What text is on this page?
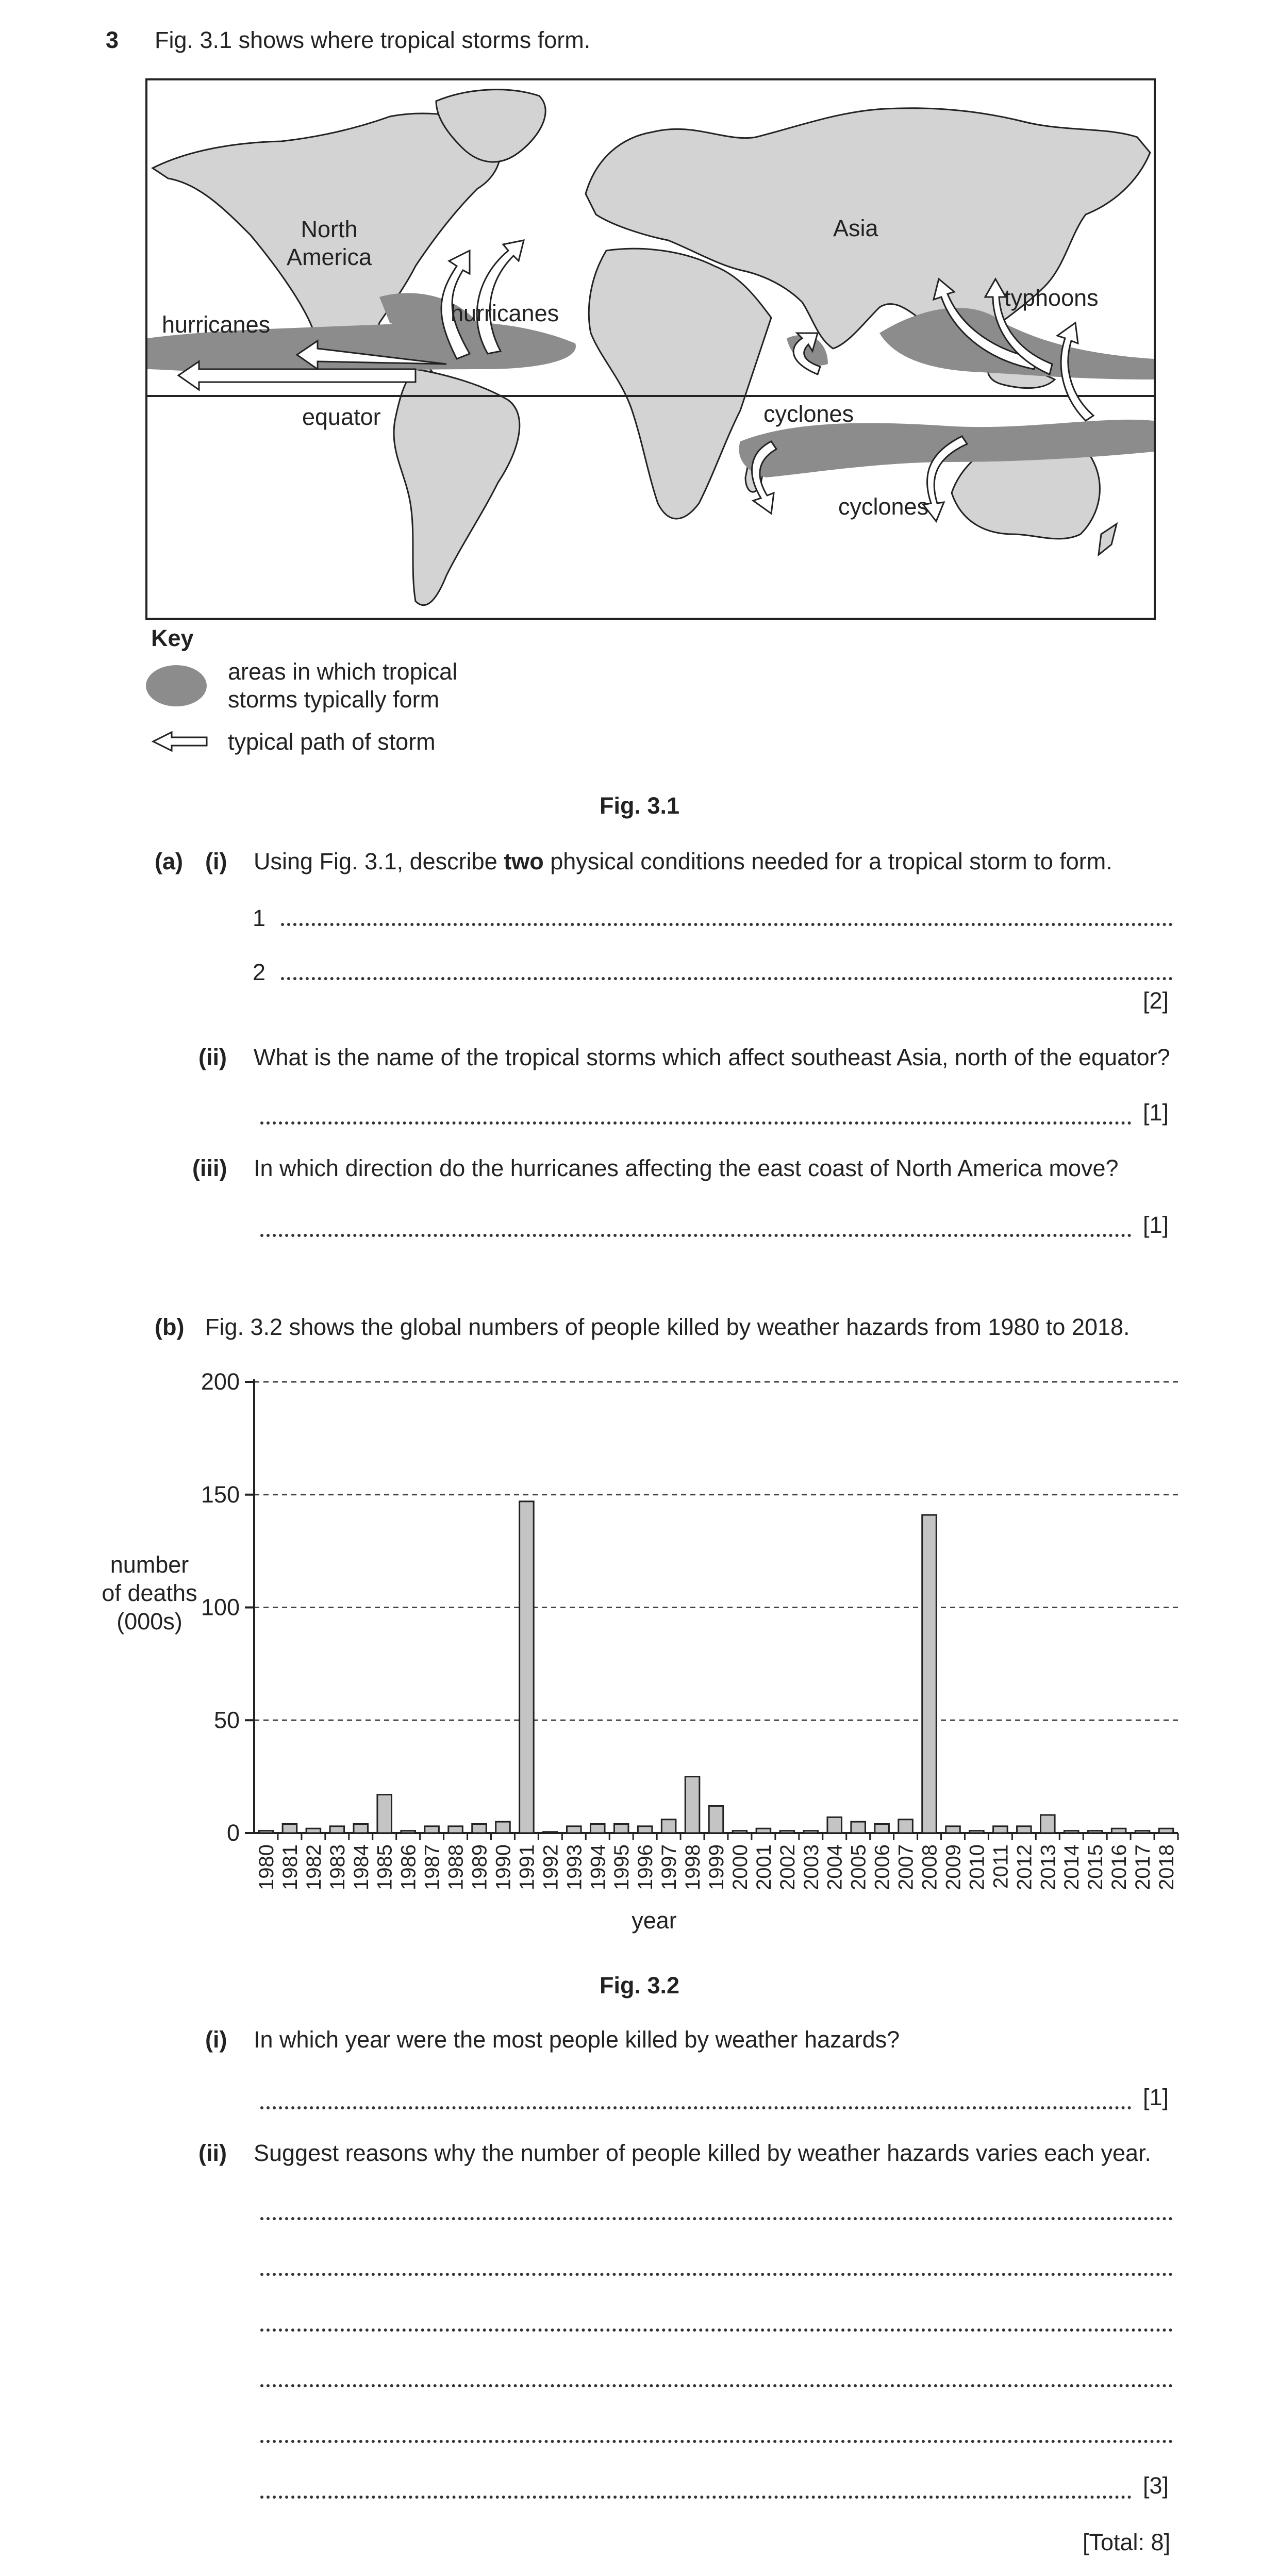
3 Fig. 3.1 shows where tropical storms form.
North
America
Asia
hurricanes	hurricanes
typhoons
equator	cyclones
cyclones
Key
areas in which tropical
storms typically form
typical path of storm
Fig. 3.1
(a) (i) Using Fig. 3.1, describe two physical conditions needed for a tropical storm to form.
1
2
[2]
(ii) What is the name of the tropical storms which affect southeast Asia, north of the equator?
[1]
(iii) In which direction do the hurricanes affecting the east coast of North America move?
[1]
(b) Fig. 3.2 shows the global numbers of people killed by weather hazards from 1980 to 2018.
0
50
100
150
200
1980 1981 1982 1983 1984 1985 1986 1987 1988 1989 1990 1991 1992 1993 1994 1995 1996 1997 1998 1999 2000 2001 2002 2003 2004 2005 2006 2007 2008 2009 2010 2011 2012 2013 2014 2015 2016 2017 2018
year
number
of deaths
(000s)
Fig. 3.2
(i) In which year were the most people killed by weather hazards?
[1]
(ii) Suggest reasons why the number of people killed by weather hazards varies each year.
[3]
[Total: 8]
